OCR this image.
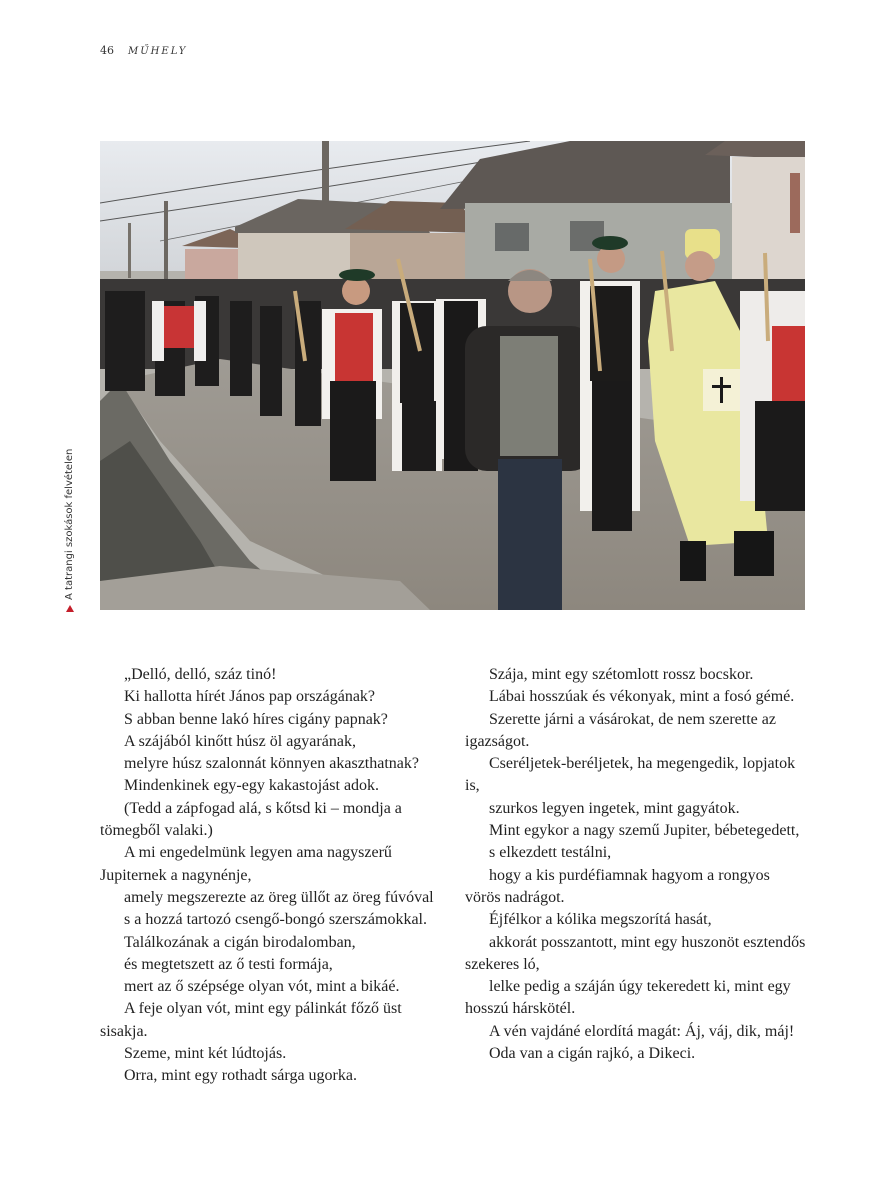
46 MŰHELY
A tatrangi szokások felvételen

„Delló, delló, száz tinó!

Ki hallotta hírét János pap országának?

S abban benne lakó híres cigány papnak?

A szájából kinőtt húsz öl agyarának,

melyre húsz szalonnát könnyen akaszthatnak?

Mindenkinek egy-egy kakastojást adok.

(Tedd a zápfogad alá, s kőtsd ki – mondja a tömegből valaki.)

A mi engedelmünk legyen ama nagyszerű Jupiternek a nagynénje,

amely megszerezte az öreg üllőt az öreg fúvóval

s a hozzá tartozó csengő-bongó szerszámokkal.

Találkozának a cigán birodalomban,

és megtetszett az ő testi formája,

mert az ő szépsége olyan vót, mint a bikáé.

A feje olyan vót, mint egy pálinkát főző üst sisakja.

Szeme, mint két lúdtojás.

Orra, mint egy rothadt sárga ugorka.

Szája, mint egy szétomlott rossz bocskor.

Lábai hosszúak és vékonyak, mint a fosó gémé.

Szerette járni a vásárokat, de nem szerette az igazságot.

Cseréljetek-beréljetek, ha megengedik, lopjatok is,

szurkos legyen ingetek, mint gagyátok.

Mint egykor a nagy szemű Jupiter, bébetegedett,

s elkezdett testálni,

hogy a kis purdéfiamnak hagyom a rongyos vörös nadrágot.

Éjfélkor a kólika megszorítá hasát,

akkorát posszantott, mint egy huszonöt esztendős szekeres ló,

lelke pedig a száján úgy tekeredett ki, mint egy hosszú hárskötél.

A vén vajdáné elordítá magát: Áj, váj, dik, máj!

Oda van a cigán rajkó, a Dikeci.
